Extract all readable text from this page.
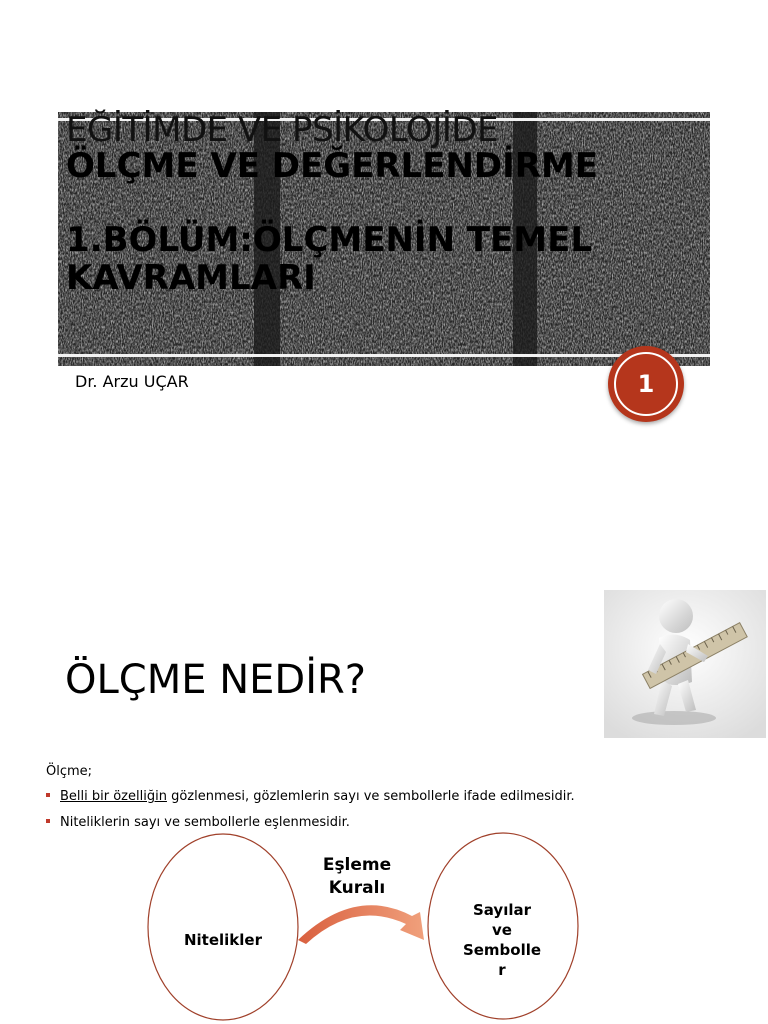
EĞİTİMDE VE PSİKOLOJİDE
ÖLÇME VE DEĞERLENDİRME
1.BÖLÜM:ÖLÇMENİN TEMEL
KAVRAMLARI
Dr. Arzu UÇAR	1
ÖLÇME NEDİR?
Ölçme;
Belli bir özelliğin gözlenmesi, gözlemlerin sayı ve sembollerle ifade edilmesidir.
Niteliklerin sayı ve sembollerle eşlenmesidir.
Eşleme
Kuralı
Nitelikler
Sayılar
ve
Sembolle
r
